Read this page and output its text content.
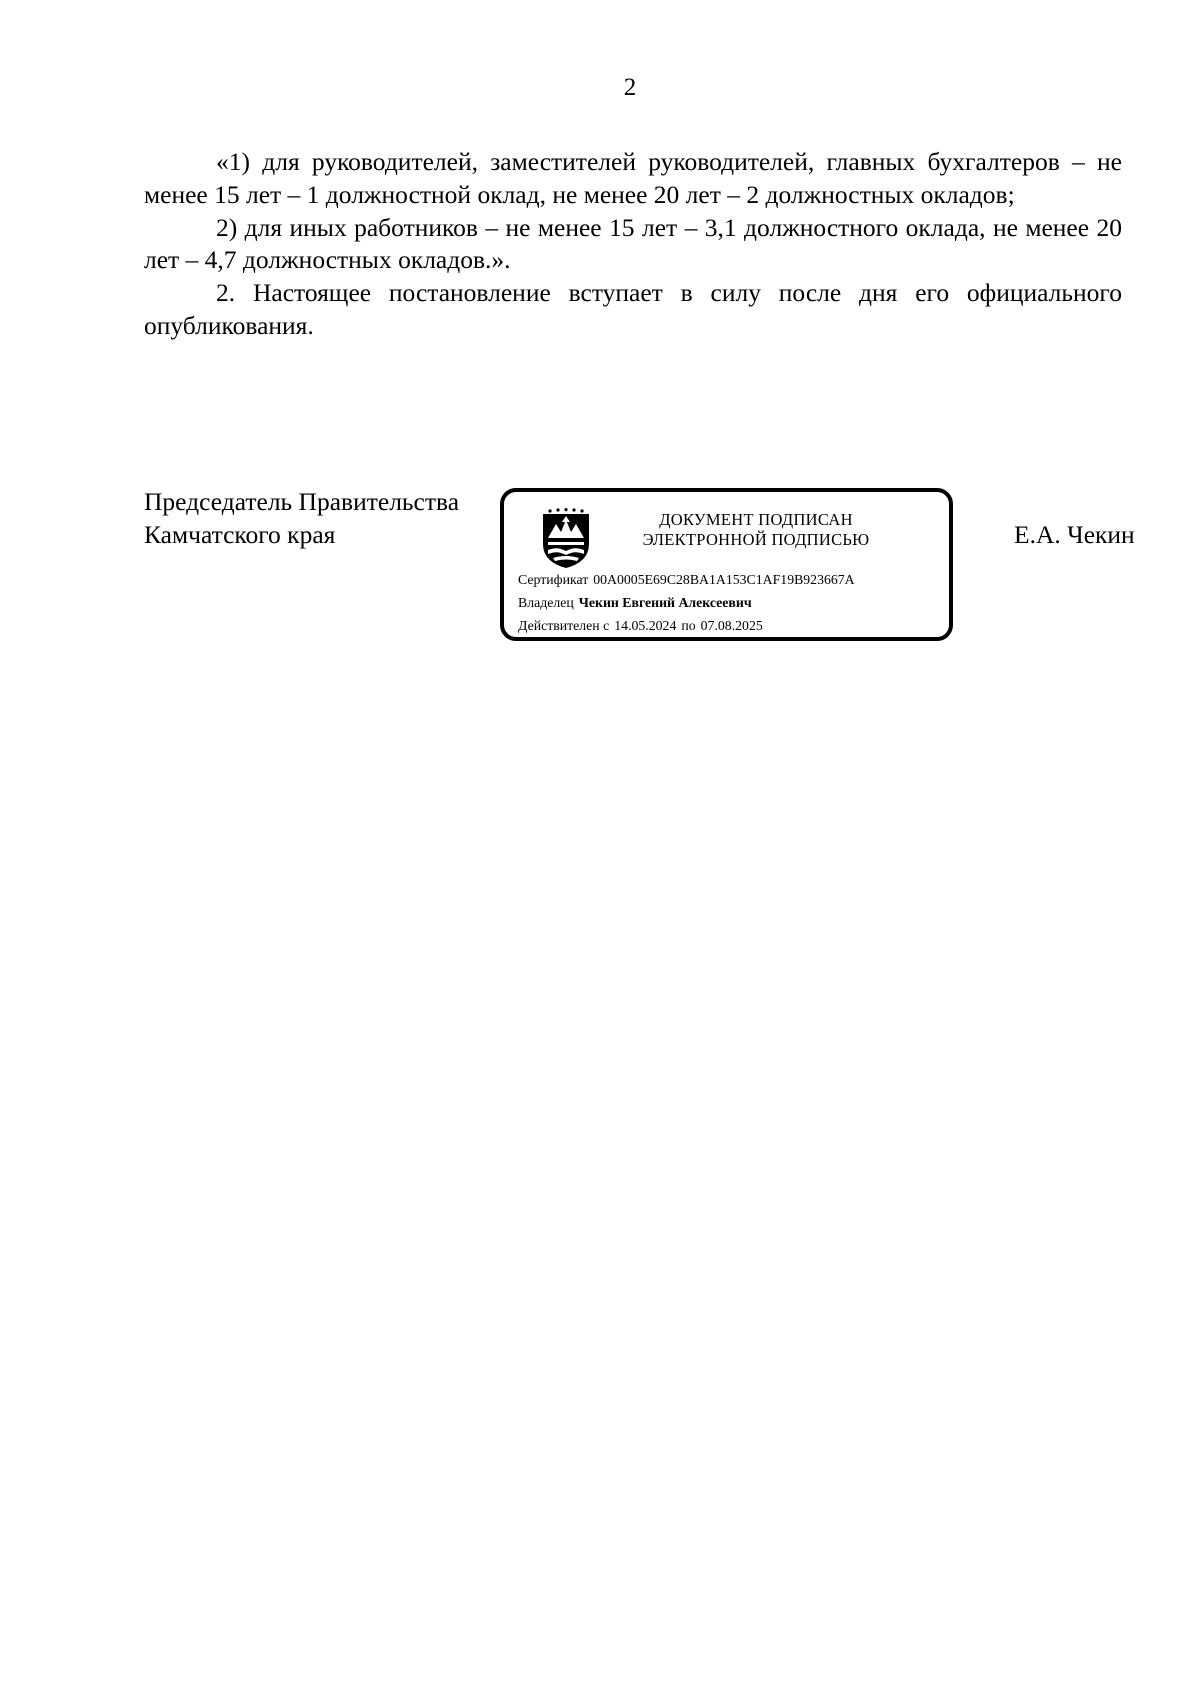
2

«1) для руководителей, заместителей руководителей, главных бухгалтеров – не менее 15 лет – 1 должностной оклад, не менее 20 лет – 2 должностных окладов;

2) для иных работников – не менее 15 лет – 3,1 должностного оклада, не менее 20 лет – 4,7 должностных окладов.».

2. Настоящее постановление вступает в силу после дня его официального опубликования.

Председатель Правительства
Камчатского края
ДОКУМЕНТ ПОДПИСАН
ЭЛЕКТРОННОЙ ПОДПИСЬЮ
Сертификат 00A0005E69C28BA1A153C1AF19B923667A
Владелец Чекин Евгений Алексеевич
Действителен с 14.05.2024 по 07.08.2025
Е.А. Чекин
